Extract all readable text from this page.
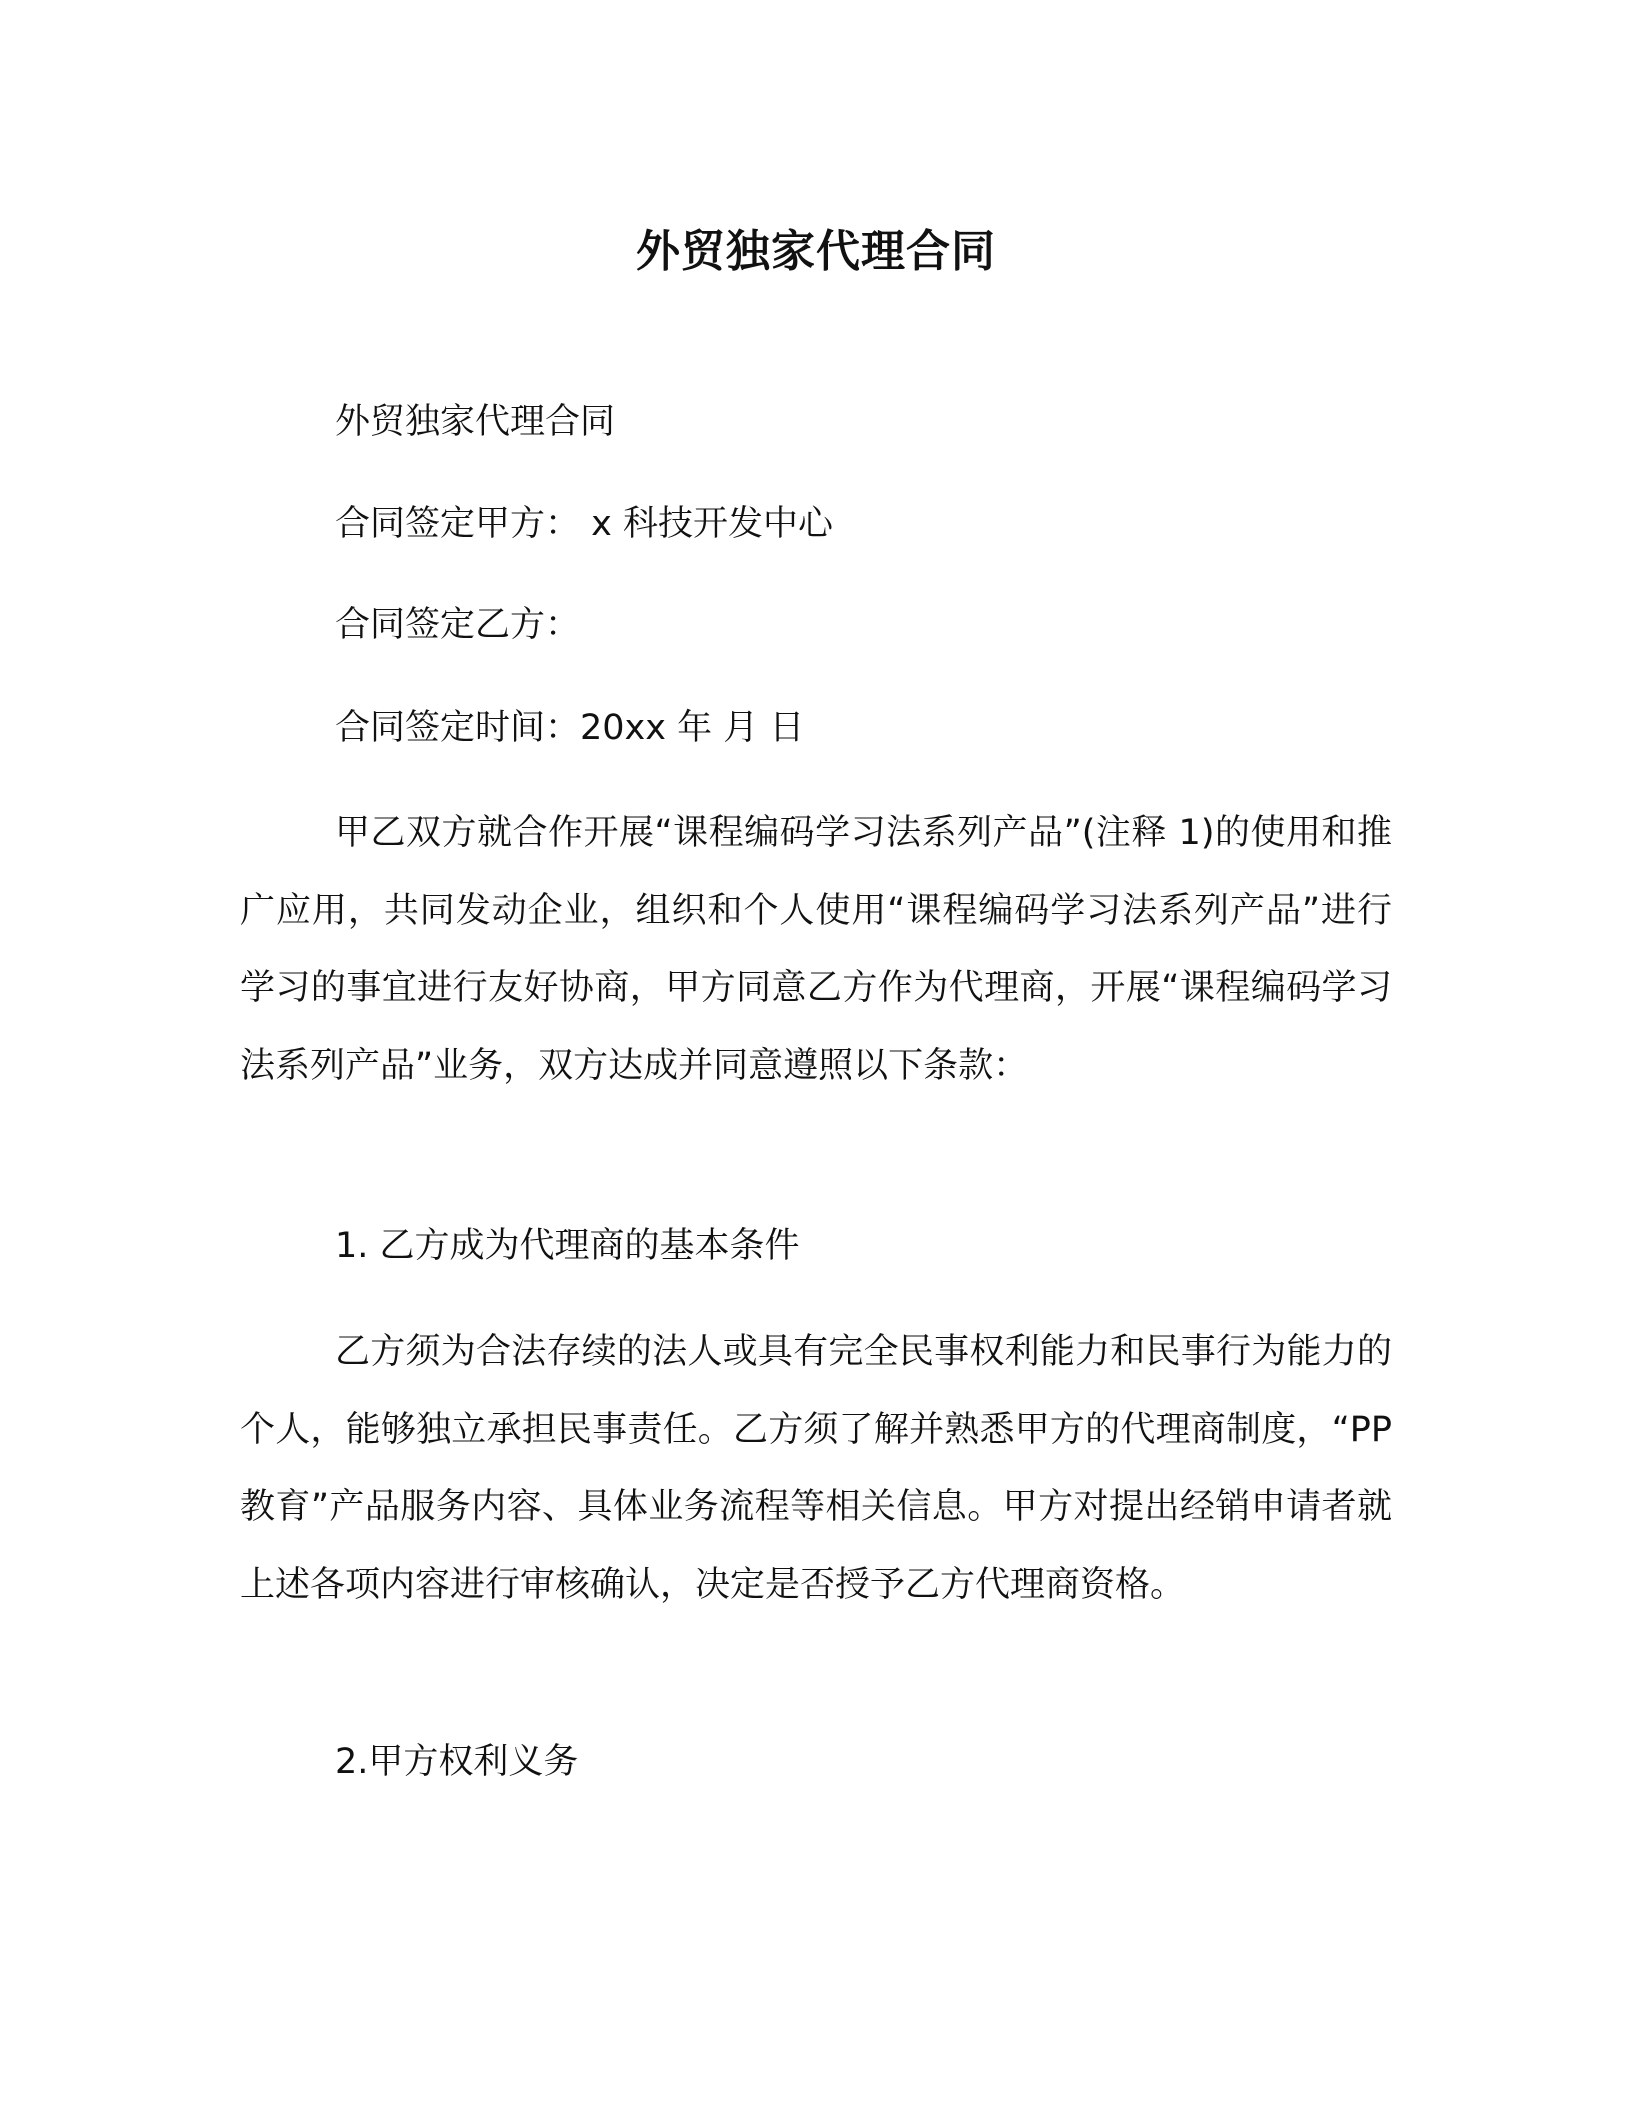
外贸独家代理合同

外贸独家代理合同

合同签定甲方： x 科技开发中心

合同签定乙方：

合同签定时间：20xx 年 月 日

甲乙双方就合作开展“课程编码学习法系列产品”(注释 1)的使用和推广应用，共同发动企业，组织和个人使用“课程编码学习法系列产品”进行学习的事宜进行友好协商，甲方同意乙方作为代理商，开展“课程编码学习法系列产品”业务，双方达成并同意遵照以下条款：

1. 乙方成为代理商的基本条件

乙方须为合法存续的法人或具有完全民事权利能力和民事行为能力的个人，能够独立承担民事责任。乙方须了解并熟悉甲方的代理商制度，“PP 教育”产品服务内容、具体业务流程等相关信息。甲方对提出经销申请者就上述各项内容进行审核确认，决定是否授予乙方代理商资格。

2.甲方权利义务
